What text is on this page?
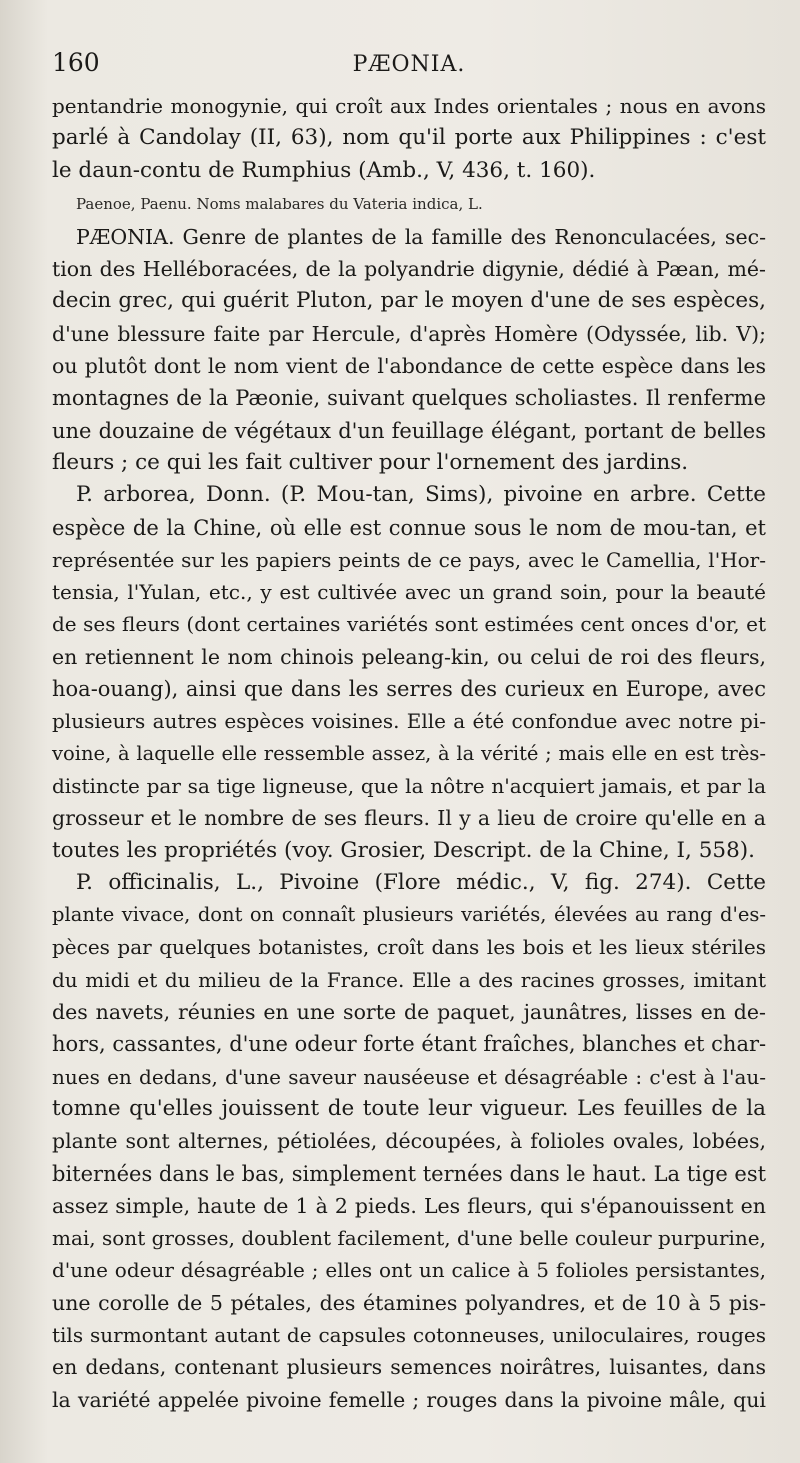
160	PÆONIA.
pentandrie monogynie, qui croît aux Indes orientales ; nous en avons
parlé à Candolay (II, 63), nom qu'il porte aux Philippines : c'est
le daun-contu de Rumphius (Amb., V, 436, t. 160).
Paenoe, Paenu. Noms malabares du Vateria indica, L.
PÆONIA. Genre de plantes de la famille des Renonculacées, sec-
tion des Helléboracées, de la polyandrie digynie, dédié à Pæan, mé-
decin grec, qui guérit Pluton, par le moyen d'une de ses espèces,
d'une blessure faite par Hercule, d'après Homère (Odyssée, lib. V);
ou plutôt dont le nom vient de l'abondance de cette espèce dans les
montagnes de la Pæonie, suivant quelques scholiastes. Il renferme
une douzaine de végétaux d'un feuillage élégant, portant de belles
fleurs ; ce qui les fait cultiver pour l'ornement des jardins.
P. arborea, Donn. (P. Mou-tan, Sims), pivoine en arbre. Cette
espèce de la Chine, où elle est connue sous le nom de mou-tan, et
représentée sur les papiers peints de ce pays, avec le Camellia, l'Hor-
tensia, l'Yulan, etc., y est cultivée avec un grand soin, pour la beauté
de ses fleurs (dont certaines variétés sont estimées cent onces d'or, et
en retiennent le nom chinois peleang-kin, ou celui de roi des fleurs,
hoa-ouang), ainsi que dans les serres des curieux en Europe, avec
plusieurs autres espèces voisines. Elle a été confondue avec notre pi-
voine, à laquelle elle ressemble assez, à la vérité ; mais elle en est très-
distincte par sa tige ligneuse, que la nôtre n'acquiert jamais, et par la
grosseur et le nombre de ses fleurs. Il y a lieu de croire qu'elle en a
toutes les propriétés (voy. Grosier, Descript. de la Chine, I, 558).
P. officinalis, L., Pivoine (Flore médic., V, fig. 274). Cette
plante vivace, dont on connaît plusieurs variétés, élevées au rang d'es-
pèces par quelques botanistes, croît dans les bois et les lieux stériles
du midi et du milieu de la France. Elle a des racines grosses, imitant
des navets, réunies en une sorte de paquet, jaunâtres, lisses en de-
hors, cassantes, d'une odeur forte étant fraîches, blanches et char-
nues en dedans, d'une saveur nauséeuse et désagréable : c'est à l'au-
tomne qu'elles jouissent de toute leur vigueur. Les feuilles de la
plante sont alternes, pétiolées, découpées, à folioles ovales, lobées,
biternées dans le bas, simplement ternées dans le haut. La tige est
assez simple, haute de 1 à 2 pieds. Les fleurs, qui s'épanouissent en
mai, sont grosses, doublent facilement, d'une belle couleur purpurine,
d'une odeur désagréable ; elles ont un calice à 5 folioles persistantes,
une corolle de 5 pétales, des étamines polyandres, et de 10 à 5 pis-
tils surmontant autant de capsules cotonneuses, uniloculaires, rouges
en dedans, contenant plusieurs semences noirâtres, luisantes, dans
la variété appelée pivoine femelle ; rouges dans la pivoine mâle, qui
